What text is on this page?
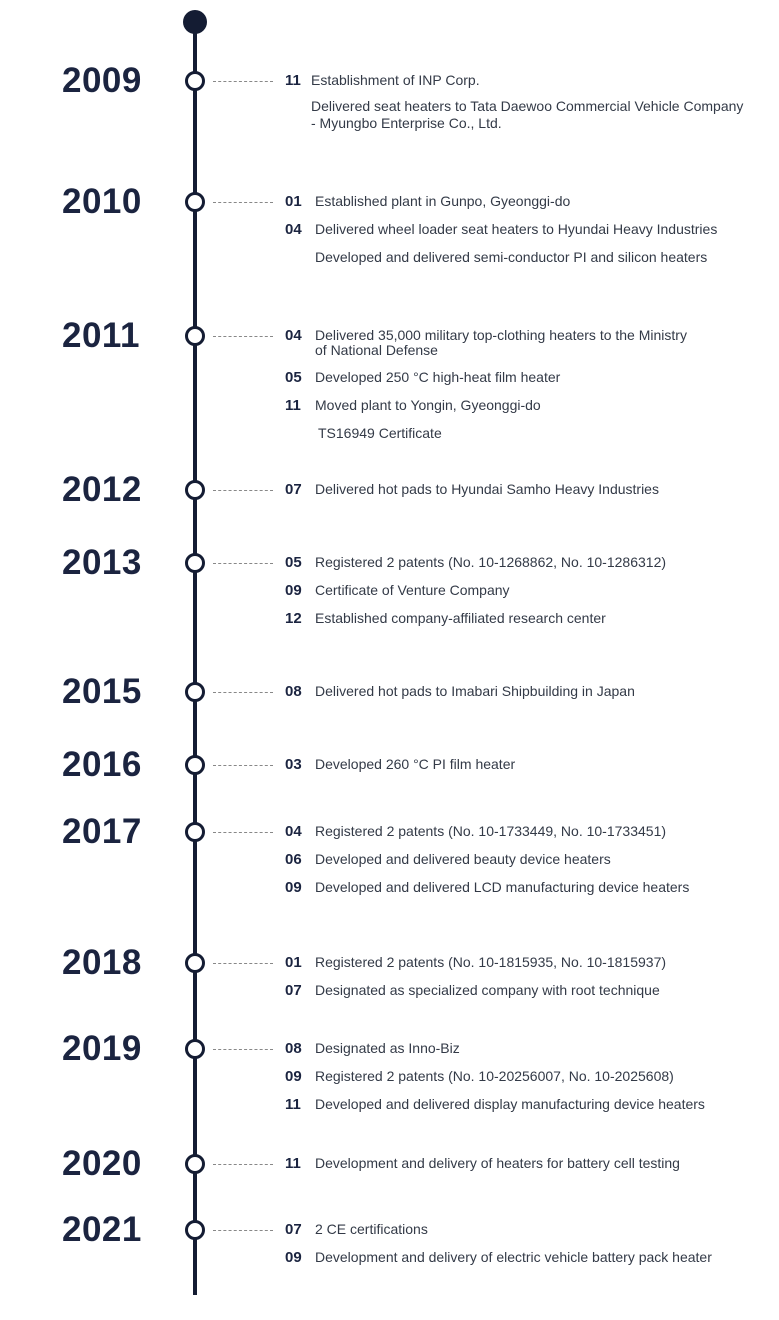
2009	11 Establishment of INP Corp.
Delivered seat heaters to Tata Daewoo Commercial Vehicle Company
- Myungbo Enterprise Co., Ltd.
2010	01 Established plant in Gunpo, Gyeonggi-do
04 Delivered wheel loader seat heaters to Hyundai Heavy Industries
Developed and delivered semi-conductor PI and silicon heaters
2011	04 Delivered 35,000 military top-clothing heaters to the Ministry
of National Defense
05 Developed 250 °C high-heat film heater
11 Moved plant to Yongin, Gyeonggi-do
TS16949 Certificate
2012	07 Delivered hot pads to Hyundai Samho Heavy Industries
2013	05 Registered 2 patents (No. 10-1268862, No. 10-1286312)
09 Certificate of Venture Company
12 Established company-affiliated research center
2015	08 Delivered hot pads to Imabari Shipbuilding in Japan
2016	03 Developed 260 °C PI film heater
2017	04 Registered 2 patents (No. 10-1733449, No. 10-1733451)
06 Developed and delivered beauty device heaters
09 Developed and delivered LCD manufacturing device heaters
2018	01 Registered 2 patents (No. 10-1815935, No. 10-1815937)
07 Designated as specialized company with root technique
2019	08 Designated as Inno-Biz
09 Registered 2 patents (No. 10-20256007, No. 10-2025608)
11 Developed and delivered display manufacturing device heaters
2020	11 Development and delivery of heaters for battery cell testing
2021	07 2 CE certifications
09 Development and delivery of electric vehicle battery pack heater
